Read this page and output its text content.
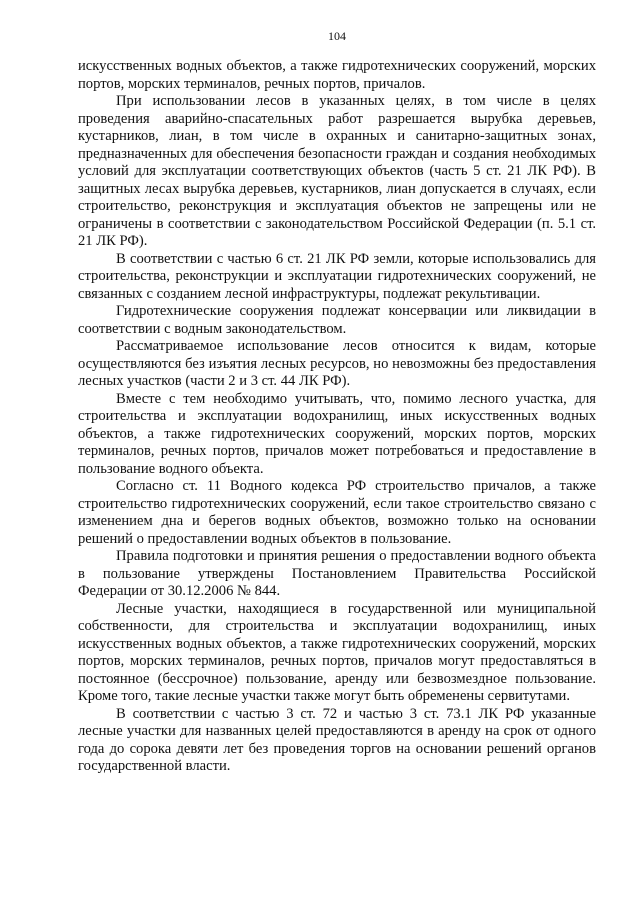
104

искусственных водных объектов, а также гидротехнических сооружений, морских портов, морских терминалов, речных портов, причалов.

При использовании лесов в указанных целях, в том числе в целях проведения аварийно-спасательных работ разрешается вырубка деревьев, кустарников, лиан, в том числе в охранных и санитарно-защитных зонах, предназначенных для обеспечения безопасности граждан и создания необходимых условий для эксплуатации соответствующих объектов (часть 5 ст. 21 ЛК РФ). В защитных лесах вырубка деревьев, кустарников, лиан допускается в случаях, если строительство, реконструкция и эксплуатация объектов не запрещены или не ограничены в соответствии с законодательством Российской Федерации (п. 5.1 ст. 21 ЛК РФ).

В соответствии с частью 6 ст. 21 ЛК РФ земли, которые использовались для строительства, реконструкции и эксплуатации гидротехнических сооружений, не связанных с созданием лесной инфраструктуры, подлежат рекультивации.

Гидротехнические сооружения подлежат консервации или ликвидации в соответствии с водным законодательством.

Рассматриваемое использование лесов относится к видам, которые осуществляются без изъятия лесных ресурсов, но невозможны без предоставления лесных участков (части 2 и 3 ст. 44 ЛК РФ).

Вместе с тем необходимо учитывать, что, помимо лесного участка, для строительства и эксплуатации водохранилищ, иных искусственных водных объектов, а также гидротехнических сооружений, морских портов, морских терминалов, речных портов, причалов может потребоваться и предоставление в пользование водного объекта.

Согласно ст. 11 Водного кодекса РФ строительство причалов, а также строительство гидротехнических сооружений, если такое строительство связано с изменением дна и берегов водных объектов, возможно только на основании решений о предоставлении водных объектов в пользование.

Правила подготовки и принятия решения о предоставлении водного объекта в пользование утверждены Постановлением Правительства Российской Федерации от 30.12.2006 № 844.

Лесные участки, находящиеся в государственной или муниципальной собственности, для строительства и эксплуатации водохранилищ, иных искусственных водных объектов, а также гидротехнических сооружений, морских портов, морских терминалов, речных портов, причалов могут предоставляться в постоянное (бессрочное) пользование, аренду или безвозмездное пользование. Кроме того, такие лесные участки также могут быть обременены сервитутами.

В соответствии с частью 3 ст. 72 и частью 3 ст. 73.1 ЛК РФ указанные лесные участки для названных целей предоставляются в аренду на срок от одного года до сорока девяти лет без проведения торгов на основании решений органов государственной власти.
